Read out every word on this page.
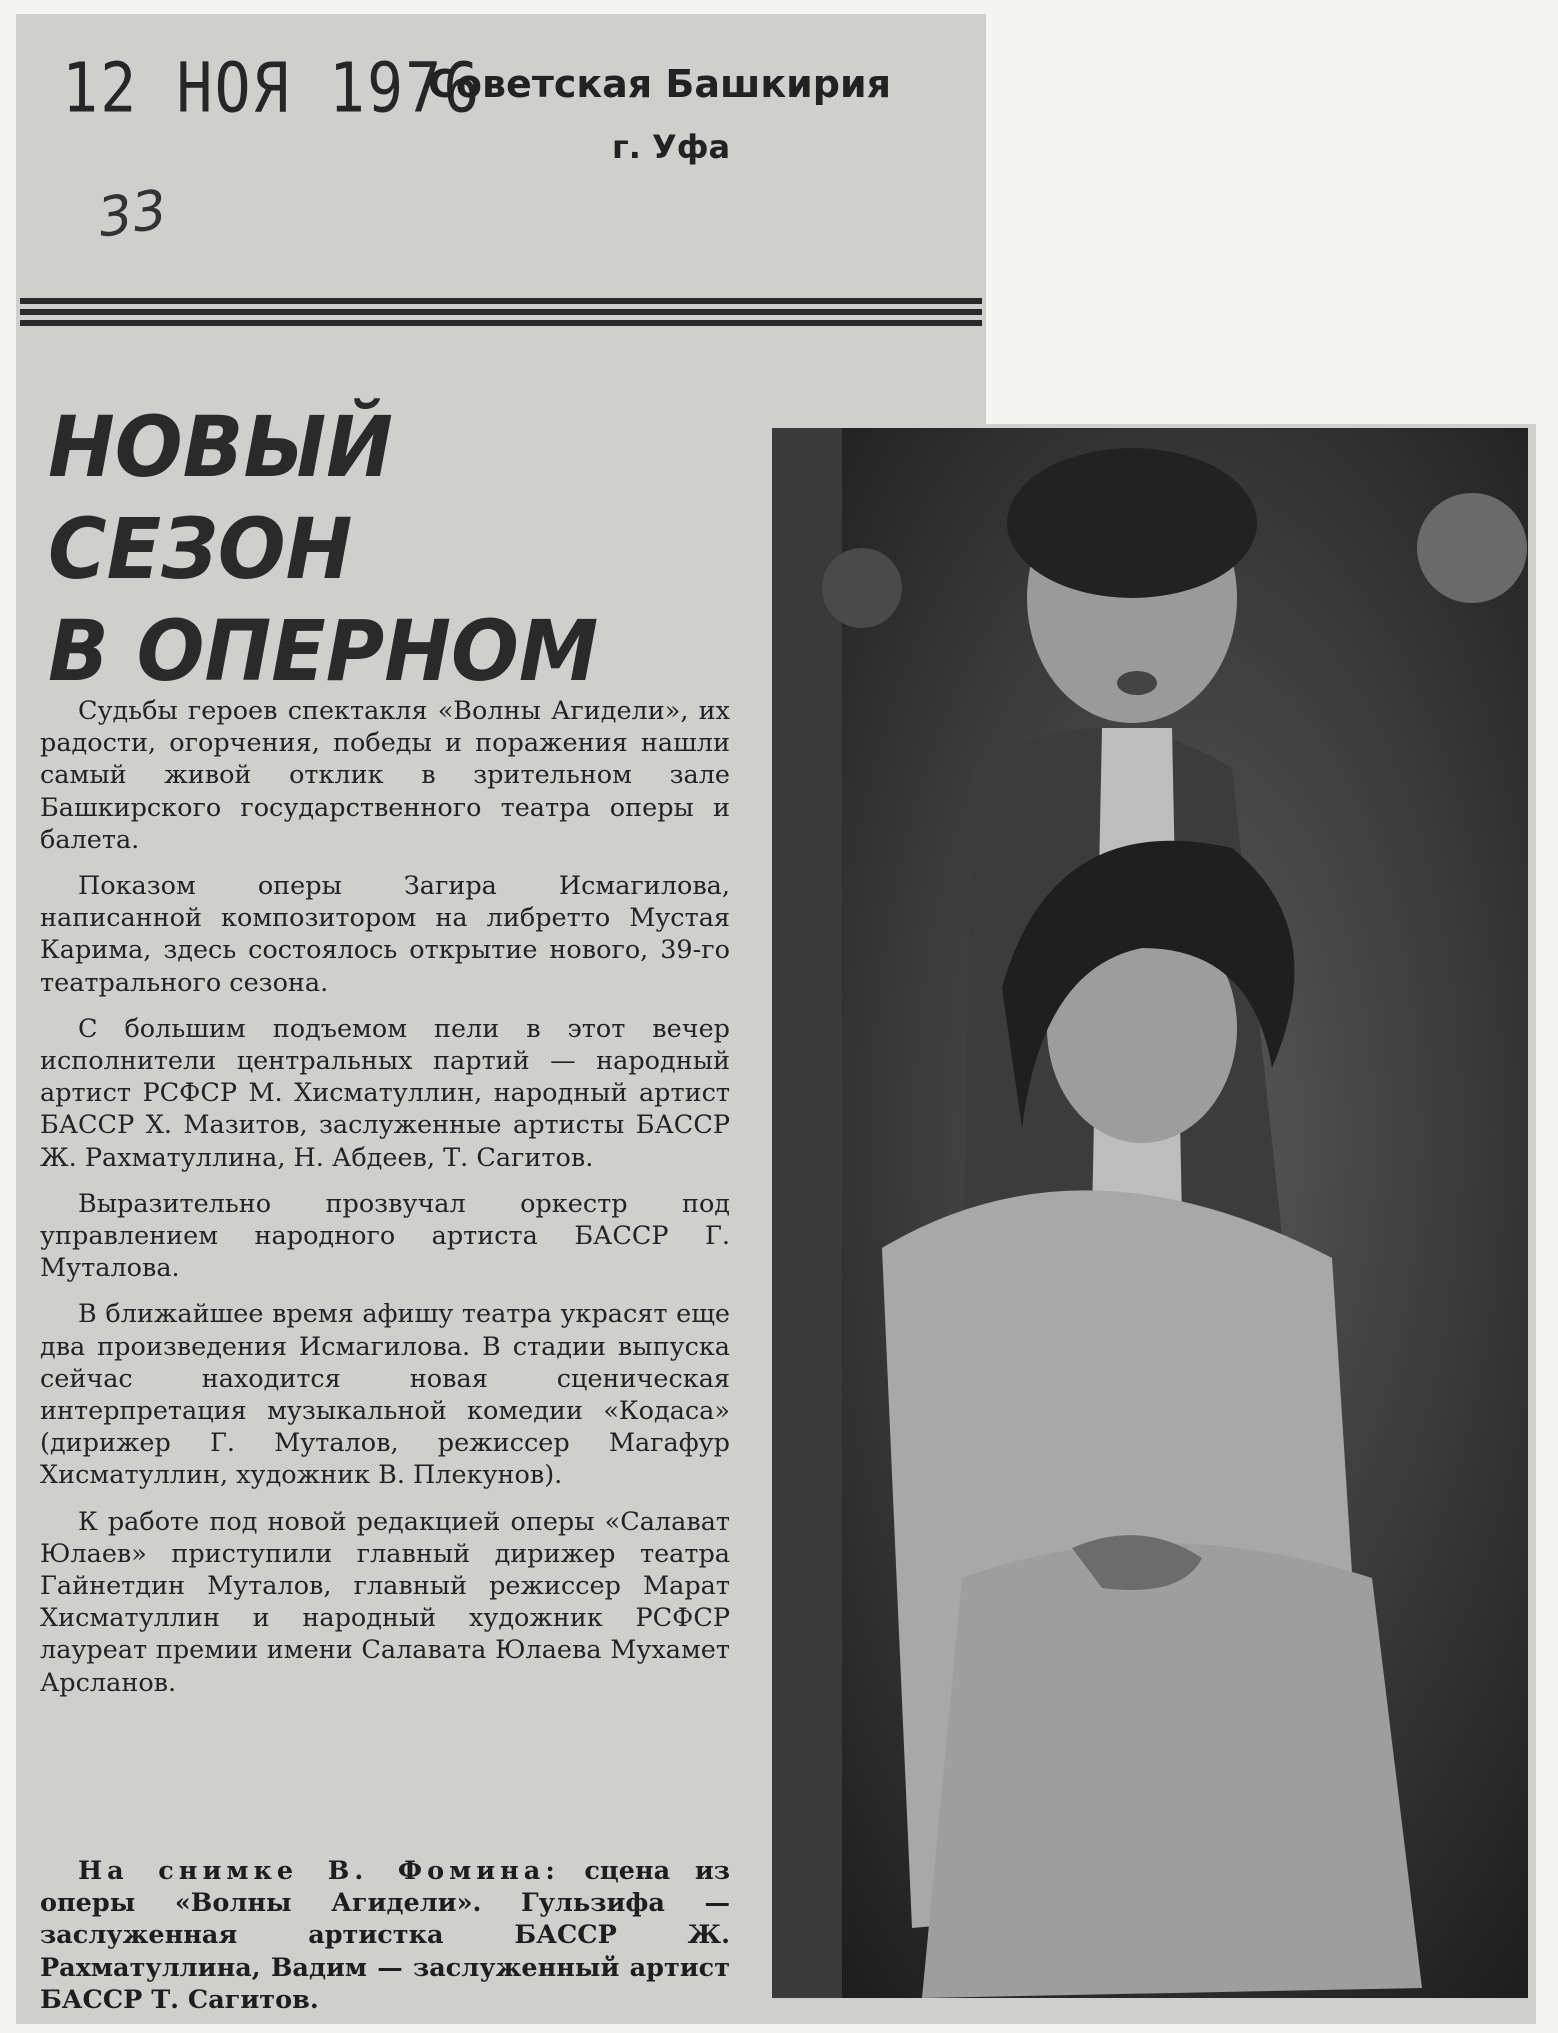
12 НОЯ 1976
Советская Башкирия
г. Уфа
33
НОВЫЙ
СЕЗОН
В ОПЕРНОМ

Судьбы героев спектакля «Волны Агидели», их радости, огорчения, победы и поражения нашли самый живой отклик в зрительном зале Башкирского государственного театра оперы и балета.

Показом оперы Загира Исмагилова, написанной композитором на либретто Мустая Карима, здесь состоялось открытие нового, 39-го театрального сезона.

С большим подъемом пели в этот вечер исполнители центральных партий — народный артист РСФСР М. Хисматуллин, народный артист БАССР Х. Мазитов, заслуженные артисты БАССР Ж. Рахматуллина, Н. Абдеев, Т. Сагитов.

Выразительно прозвучал оркестр под управлением народного артиста БАССР Г. Муталова.

В ближайшее время афишу театра украсят еще два произведения Исмагилова. В стадии выпуска сейчас находится новая сценическая интерпретация музыкальной комедии «Кодаса» (дирижер Г. Муталов, режиссер Магафур Хисматуллин, художник В. Плекунов).

К работе под новой редакцией оперы «Салават Юлаев» приступили главный дирижер театра Гайнетдин Муталов, главный режиссер Марат Хисматуллин и народный художник РСФСР лауреат премии имени Салавата Юлаева Мухамет Арсланов.

На снимке В. Фомина: сцена из оперы «Волны Агидели». Гульзифа — заслуженная артистка БАССР Ж. Рахматуллина, Вадим — заслуженный артист БАССР Т. Сагитов.
